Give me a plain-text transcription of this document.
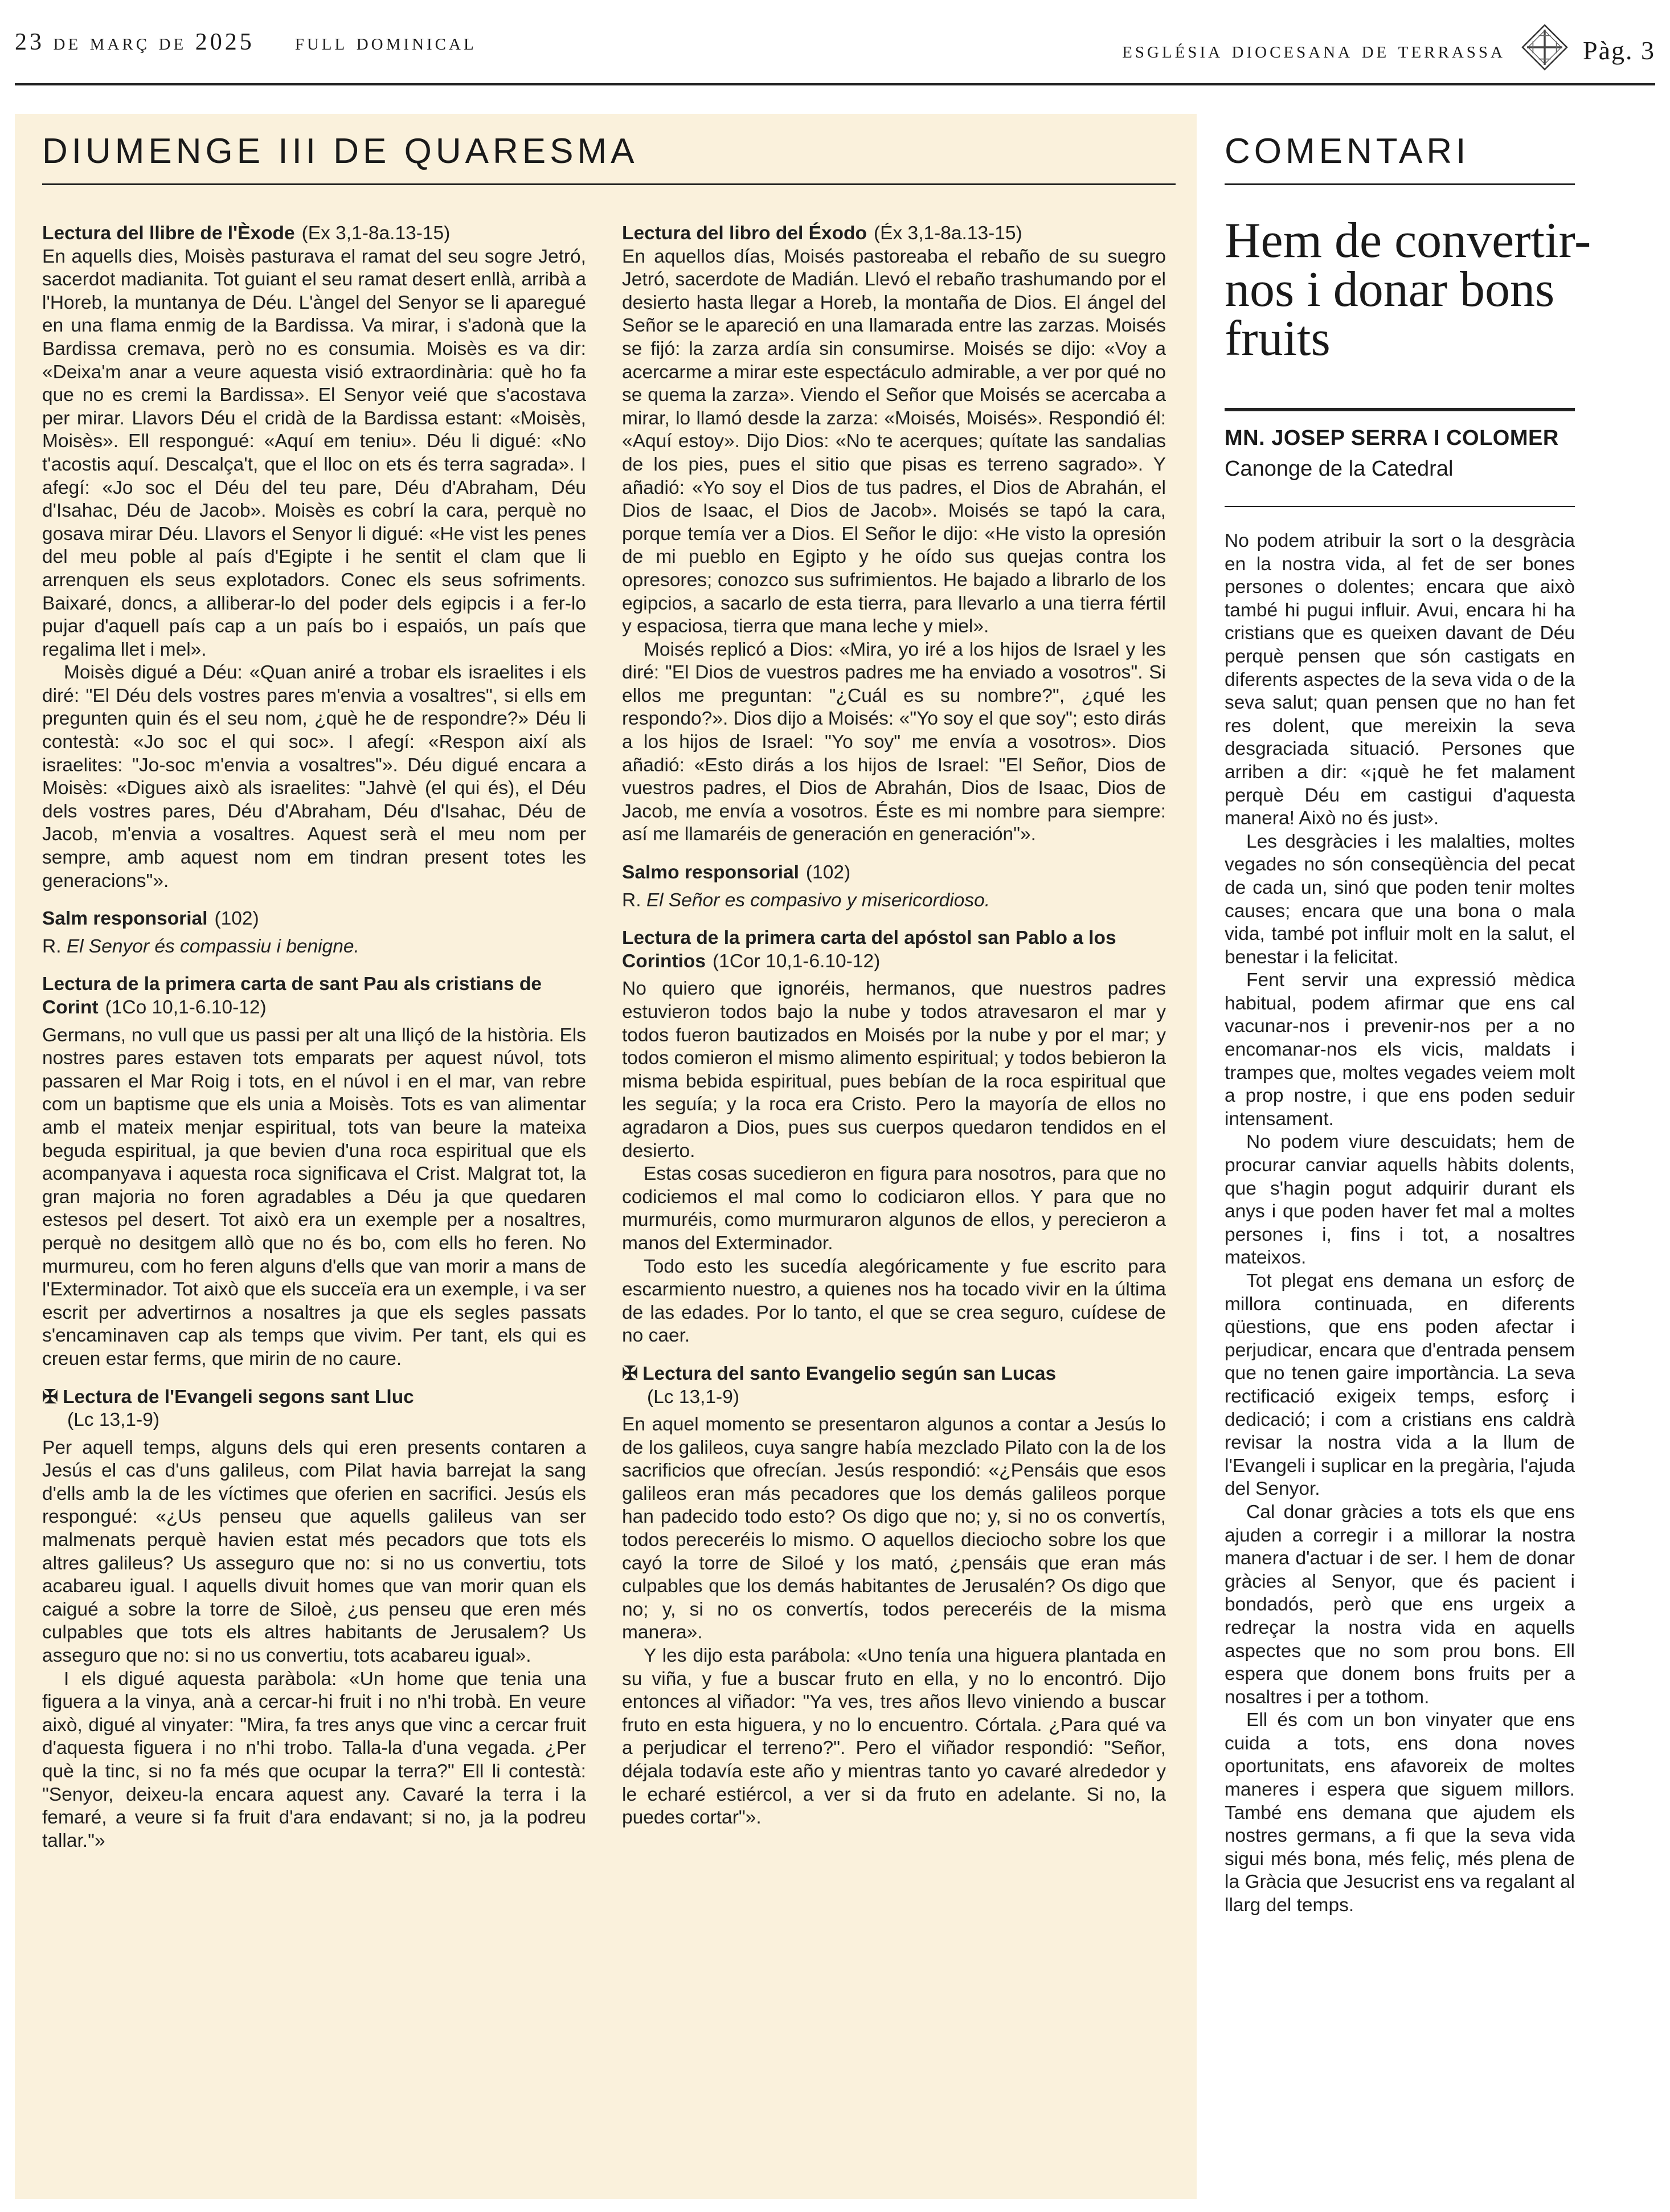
23 de març de 2025 full dominical	església diocesana de terrassa	Pàg. 3
DIUMENGE III DE QUARESMA
Lectura del llibre de l'Èxode (Ex 3,1-8a.13-15)

En aquells dies, Moisès pasturava el ramat del seu sogre Jetró, sacerdot madianita. Tot guiant el seu ramat desert enllà, arribà a l'Horeb, la muntanya de Déu. L'àngel del Senyor se li aparegué en una flama enmig de la Bardissa. Va mirar, i s'adonà que la Bardissa cremava, però no es consumia. Moisès es va dir: «Deixa'm anar a veure aquesta visió extraordinària: què ho fa que no es cremi la Bardissa». El Senyor veié que s'acostava per mirar. Llavors Déu el cridà de la Bardissa estant: «Moisès, Moisès». Ell respongué: «Aquí em teniu». Déu li digué: «No t'acostis aquí. Descalça't, que el lloc on ets és terra sagrada». I afegí: «Jo soc el Déu del teu pare, Déu d'Abraham, Déu d'Isahac, Déu de Jacob». Moisès es cobrí la cara, perquè no gosava mirar Déu. Llavors el Senyor li digué: «He vist les penes del meu poble al país d'Egipte i he sentit el clam que li arrenquen els seus explotadors. Conec els seus sofriments. Baixaré, doncs, a alliberar-lo del poder dels egipcis i a fer-lo pujar d'aquell país cap a un país bo i espaiós, un país que regalima llet i mel».

Moisès digué a Déu: «Quan aniré a trobar els israelites i els diré: "El Déu dels vostres pares m'envia a vosaltres", si ells em pregunten quin és el seu nom, ¿què he de respondre?» Déu li contestà: «Jo soc el qui soc». I afegí: «Respon així als israelites: "Jo-soc m'envia a vosaltres"». Déu digué encara a Moisès: «Digues això als israelites: "Jahvè (el qui és), el Déu dels vostres pares, Déu d'Abraham, Déu d'Isahac, Déu de Jacob, m'envia a vosaltres. Aquest serà el meu nom per sempre, amb aquest nom em tindran present totes les generacions"».

Salm responsorial (102)

R. El Senyor és compassiu i benigne.

Lectura de la primera carta de sant Pau als cristians de Corint (1Co 10,1-6.10-12)

Germans, no vull que us passi per alt una lliçó de la història. Els nostres pares estaven tots emparats per aquest núvol, tots passaren el Mar Roig i tots, en el núvol i en el mar, van rebre com un baptisme que els unia a Moisès. Tots es van alimentar amb el mateix menjar espiritual, tots van beure la mateixa beguda espiritual, ja que bevien d'una roca espiritual que els acompanyava i aquesta roca significava el Crist. Malgrat tot, la gran majoria no foren agradables a Déu ja que quedaren estesos pel desert. Tot això era un exemple per a nosaltres, perquè no desitgem allò que no és bo, com ells ho feren. No murmureu, com ho feren alguns d'ells que van morir a mans de l'Exterminador. Tot això que els succeïa era un exemple, i va ser escrit per advertirnos a nosaltres ja que els segles passats s'encaminaven cap als temps que vivim. Per tant, els qui es creuen estar ferms, que mirin de no caure.

✠ Lectura de l'Evangeli segons sant Lluc
(Lc 13,1-9)

Per aquell temps, alguns dels qui eren presents contaren a Jesús el cas d'uns galileus, com Pilat havia barrejat la sang d'ells amb la de les víctimes que oferien en sacrifici. Jesús els respongué: «¿Us penseu que aquells galileus van ser malmenats perquè havien estat més pecadors que tots els altres galileus? Us asseguro que no: si no us convertiu, tots acabareu igual. I aquells divuit homes que van morir quan els caigué a sobre la torre de Siloè, ¿us penseu que eren més culpables que tots els altres habitants de Jerusalem? Us asseguro que no: si no us convertiu, tots acabareu igual».

I els digué aquesta paràbola: «Un home que tenia una figuera a la vinya, anà a cercar-hi fruit i no n'hi trobà. En veure això, digué al vinyater: "Mira, fa tres anys que vinc a cercar fruit d'aquesta figuera i no n'hi trobo. Talla-la d'una vegada. ¿Per què la tinc, si no fa més que ocupar la terra?" Ell li contestà: "Senyor, deixeu-la encara aquest any. Cavaré la terra i la femaré, a veure si fa fruit d'ara endavant; si no, ja la podreu tallar."»

Lectura del libro del Éxodo (Éx 3,1-8a.13-15)

En aquellos días, Moisés pastoreaba el rebaño de su suegro Jetró, sacerdote de Madián. Llevó el rebaño trashumando por el desierto hasta llegar a Horeb, la montaña de Dios. El ángel del Señor se le apareció en una llamarada entre las zarzas. Moisés se fijó: la zarza ardía sin consumirse. Moisés se dijo: «Voy a acercarme a mirar este espectáculo admirable, a ver por qué no se quema la zarza». Viendo el Señor que Moisés se acercaba a mirar, lo llamó desde la zarza: «Moisés, Moisés». Respondió él: «Aquí estoy». Dijo Dios: «No te acerques; quítate las sandalias de los pies, pues el sitio que pisas es terreno sagrado». Y añadió: «Yo soy el Dios de tus padres, el Dios de Abrahán, el Dios de Isaac, el Dios de Jacob». Moisés se tapó la cara, porque temía ver a Dios. El Señor le dijo: «He visto la opresión de mi pueblo en Egipto y he oído sus quejas contra los opresores; conozco sus sufrimientos. He bajado a librarlo de los egipcios, a sacarlo de esta tierra, para llevarlo a una tierra fértil y espaciosa, tierra que mana leche y miel».

Moisés replicó a Dios: «Mira, yo iré a los hijos de Israel y les diré: "El Dios de vuestros padres me ha enviado a vosotros". Si ellos me preguntan: "¿Cuál es su nombre?", ¿qué les respondo?». Dios dijo a Moisés: «"Yo soy el que soy"; esto dirás a los hijos de Israel: "Yo soy" me envía a vosotros». Dios añadió: «Esto dirás a los hijos de Israel: "El Señor, Dios de vuestros padres, el Dios de Abrahán, Dios de Isaac, Dios de Jacob, me envía a vosotros. Éste es mi nombre para siempre: así me llamaréis de generación en generación"».

Salmo responsorial (102)

R. El Señor es compasivo y misericordioso.

Lectura de la primera carta del apóstol san Pablo a los Corintios (1Cor 10,1-6.10-12)

No quiero que ignoréis, hermanos, que nuestros padres estuvieron todos bajo la nube y todos atravesaron el mar y todos fueron bautizados en Moisés por la nube y por el mar; y todos comieron el mismo alimento espiritual; y todos bebieron la misma bebida espiritual, pues bebían de la roca espiritual que les seguía; y la roca era Cristo. Pero la mayoría de ellos no agradaron a Dios, pues sus cuerpos quedaron tendidos en el desierto.

Estas cosas sucedieron en figura para nosotros, para que no codiciemos el mal como lo codiciaron ellos. Y para que no murmuréis, como murmuraron algunos de ellos, y perecieron a manos del Exterminador.

Todo esto les sucedía alegóricamente y fue escrito para escarmiento nuestro, a quienes nos ha tocado vivir en la última de las edades. Por lo tanto, el que se crea seguro, cuídese de no caer.

✠ Lectura del santo Evangelio según san Lucas
(Lc 13,1-9)

En aquel momento se presentaron algunos a contar a Jesús lo de los galileos, cuya sangre había mezclado Pilato con la de los sacrificios que ofrecían. Jesús respondió: «¿Pensáis que esos galileos eran más pecadores que los demás galileos porque han padecido todo esto? Os digo que no; y, si no os convertís, todos pereceréis lo mismo. O aquellos dieciocho sobre los que cayó la torre de Siloé y los mató, ¿pensáis que eran más culpables que los demás habitantes de Jerusalén? Os digo que no; y, si no os convertís, todos pereceréis de la misma manera».

Y les dijo esta parábola: «Uno tenía una higuera plantada en su viña, y fue a buscar fruto en ella, y no lo encontró. Dijo entonces al viñador: "Ya ves, tres años llevo viniendo a buscar fruto en esta higuera, y no lo encuentro. Córtala. ¿Para qué va a perjudicar el terreno?". Pero el viñador respondió: "Señor, déjala todavía este año y mientras tanto yo cavaré alrededor y le echaré estiércol, a ver si da fruto en adelante. Si no, la puedes cortar"».

COMENTARI
Hem de convertir-nos i donar bons fruits
MN. JOSEP SERRA I COLOMER
Canonge de la Catedral

No podem atribuir la sort o la desgràcia en la nostra vida, al fet de ser bones persones o dolentes; encara que això també hi pugui influir. Avui, encara hi ha cristians que es queixen davant de Déu perquè pensen que són castigats en diferents aspectes de la seva vida o de la seva salut; quan pensen que no han fet res dolent, que mereixin la seva desgraciada situació. Persones que arriben a dir: «¡què he fet malament perquè Déu em castigui d'aquesta manera! Això no és just».

Les desgràcies i les malalties, moltes vegades no són conseqüència del pecat de cada un, sinó que poden tenir moltes causes; encara que una bona o mala vida, també pot influir molt en la salut, el benestar i la felicitat.

Fent servir una expressió mèdica habitual, podem afirmar que ens cal vacunar-nos i prevenir-nos per a no encomanar-nos els vicis, maldats i trampes que, moltes vegades veiem molt a prop nostre, i que ens poden seduir intensament.

No podem viure descuidats; hem de procurar canviar aquells hàbits dolents, que s'hagin pogut adquirir durant els anys i que poden haver fet mal a moltes persones i, fins i tot, a nosaltres mateixos.

Tot plegat ens demana un esforç de millora continuada, en diferents qüestions, que ens poden afectar i perjudicar, encara que d'entrada pensem que no tenen gaire importància. La seva rectificació exigeix temps, esforç i dedicació; i com a cristians ens caldrà revisar la nostra vida a la llum de l'Evangeli i suplicar en la pregària, l'ajuda del Senyor.

Cal donar gràcies a tots els que ens ajuden a corregir i a millorar la nostra manera d'actuar i de ser. I hem de donar gràcies al Senyor, que és pacient i bondadós, però que ens urgeix a redreçar la nostra vida en aquells aspectes que no som prou bons. Ell espera que donem bons fruits per a nosaltres i per a tothom.

Ell és com un bon vinyater que ens cuida a tots, ens dona noves oportunitats, ens afavoreix de moltes maneres i espera que siguem millors. També ens demana que ajudem els nostres germans, a fi que la seva vida sigui més bona, més feliç, més plena de la Gràcia que Jesucrist ens va regalant al llarg del temps.
